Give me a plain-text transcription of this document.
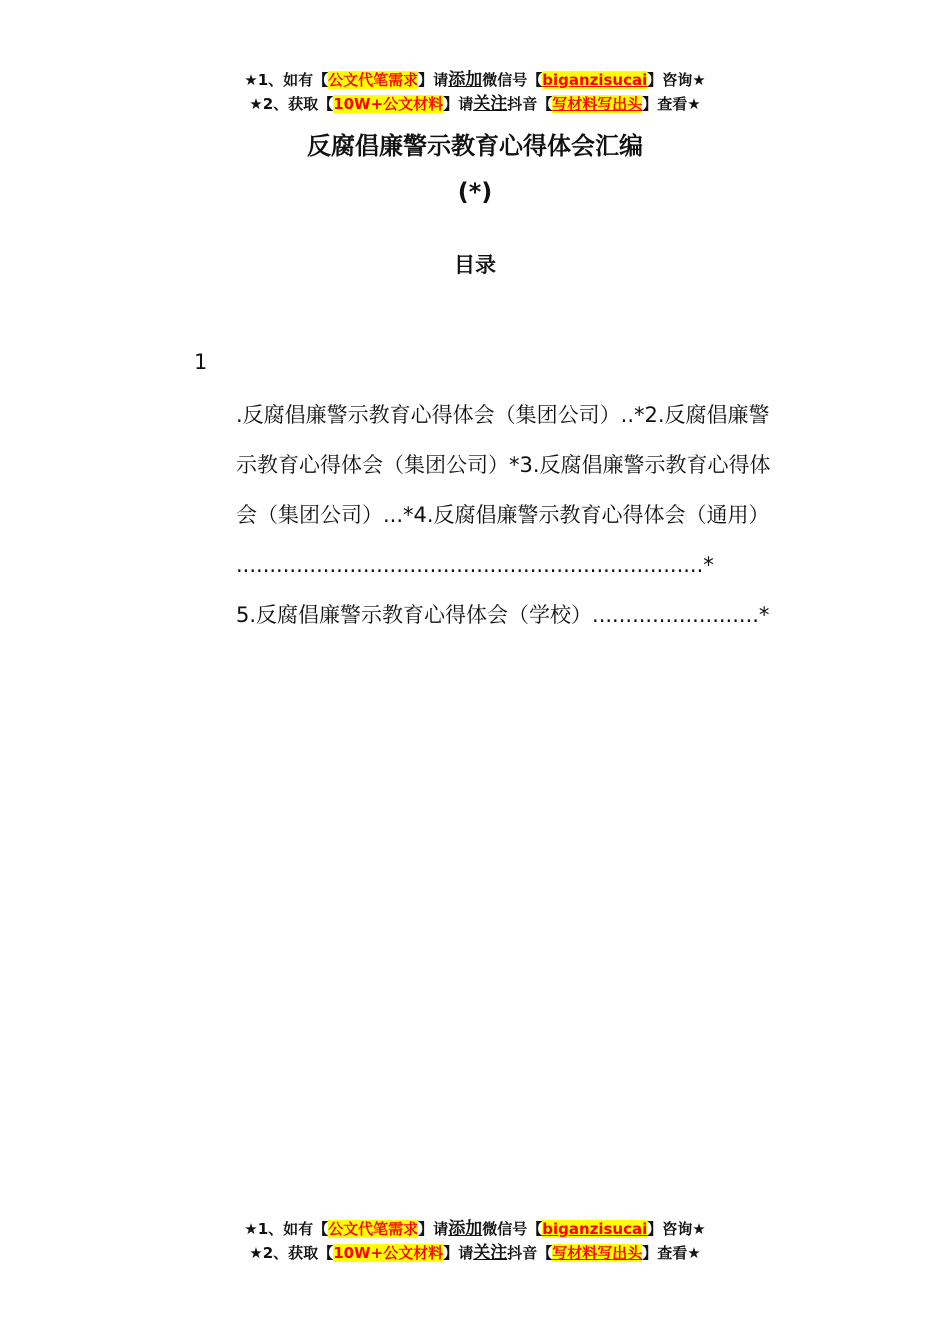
★1、如有【公文代笔需求】请添加微信号【biganzisucai】咨询★
★2、获取【10W+公文材料】请关注抖音【写材料写出头】查看★
反腐倡廉警示教育心得体会汇编
(*)
目录
1
.反腐倡廉警示教育心得体会（集团公司）..*2.反腐倡廉警
示教育心得体会（集团公司）*3.反腐倡廉警示教育心得体
会（集团公司）...*4.反腐倡廉警示教育心得体会（通用）
......................................................................*
5.反腐倡廉警示教育心得体会（学校）.........................*
★1、如有【公文代笔需求】请添加微信号【biganzisucai】咨询★
★2、获取【10W+公文材料】请关注抖音【写材料写出头】查看★
